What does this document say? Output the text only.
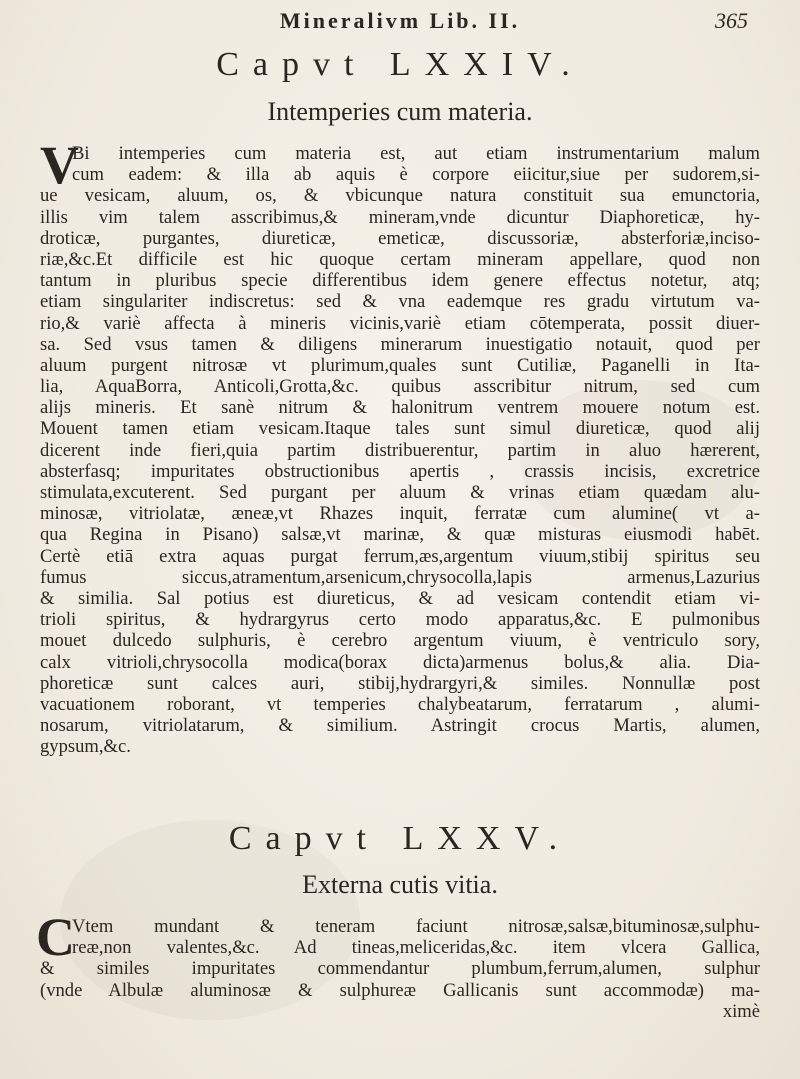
Mineralivm Lib. II.	365
Capvt LXXIV.
Intemperies cum materia.
V
Bi intemperies cum materia est, aut etiam instrumentarium malum
cum eadem: & illa ab aquis è corpore eiicitur,siue per sudorem,si-
ue vesicam, aluum, os, & vbicunque natura constituit sua emunctoria,
illis vim talem asscribimus,& mineram,vnde dicuntur Diaphoreticæ, hy-
droticæ, purgantes, diureticæ, emeticæ, discussoriæ, absterforiæ,inciso-
riæ,&c.Et difficile est hic quoque certam mineram appellare, quod non
tantum in pluribus specie differentibus idem genere effectus notetur, atq;
etiam singulariter indiscretus: sed & vna eademque res gradu virtutum va-
rio,& variè affecta à mineris vicinis,variè etiam cōtemperata, possit diuer-
sa. Sed vsus tamen & diligens minerarum inuestigatio notauit, quod per
aluum purgent nitrosæ vt plurimum,quales sunt Cutiliæ, Paganelli in Ita-
lia, AquaBorra, Anticoli,Grotta,&c. quibus asscribitur nitrum, sed cum
alijs mineris. Et sanè nitrum & halonitrum ventrem mouere notum est.
Mouent tamen etiam vesicam.Itaque tales sunt simul diureticæ, quod alij
dicerent inde fieri,quia partim distribuerentur, partim in aluo hærerent,
absterfasq; impuritates obstructionibus apertis , crassis incisis, excretrice
stimulata,excuterent. Sed purgant per aluum & vrinas etiam quædam alu-
minosæ, vitriolatæ, æneæ,vt Rhazes inquit, ferratæ cum alumine( vt a-
qua Regina in Pisano) salsæ,vt marinæ, & quæ misturas eiusmodi habēt.
Certè etiā extra aquas purgat ferrum,æs,argentum viuum,stibij spiritus seu
fumus siccus,atramentum,arsenicum,chrysocolla,lapis armenus,Lazurius
& similia. Sal potius est diureticus, & ad vesicam contendit etiam vi-
trioli spiritus, & hydrargyrus certo modo apparatus,&c. E pulmonibus
mouet dulcedo sulphuris, è cerebro argentum viuum, è ventriculo sory,
calx vitrioli,chrysocolla modica(borax dicta)armenus bolus,& alia. Dia-
phoreticæ sunt calces auri, stibij,hydrargyri,& similes. Nonnullæ post
vacuationem roborant, vt temperies chalybeatarum, ferratarum , alumi-
nosarum, vitriolatarum, & similium. Astringit crocus Martis, alumen,
gypsum,&c.
Capvt LXXV.
Externa cutis vitia.
C
Vtem mundant & teneram faciunt nitrosæ,salsæ,bituminosæ,sulphu-
reæ,non valentes,&c. Ad tineas,meliceridas,&c. item vlcera Gallica,
& similes impuritates commendantur plumbum,ferrum,alumen, sulphur
(vnde Albulæ aluminosæ & sulphureæ Gallicanis sunt accommodæ) ma-
ximè
